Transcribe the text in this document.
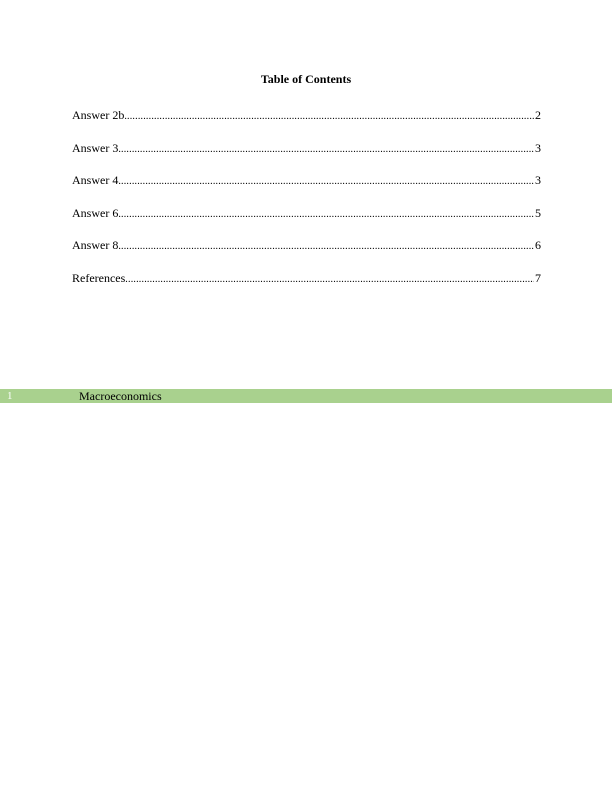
Table of Contents
Answer 2b .....	2
Answer 3 .....	3
Answer 4 .....	3
Answer 6 .....	5
Answer 8 .....	6
References .....	7
1	Macroeconomics
